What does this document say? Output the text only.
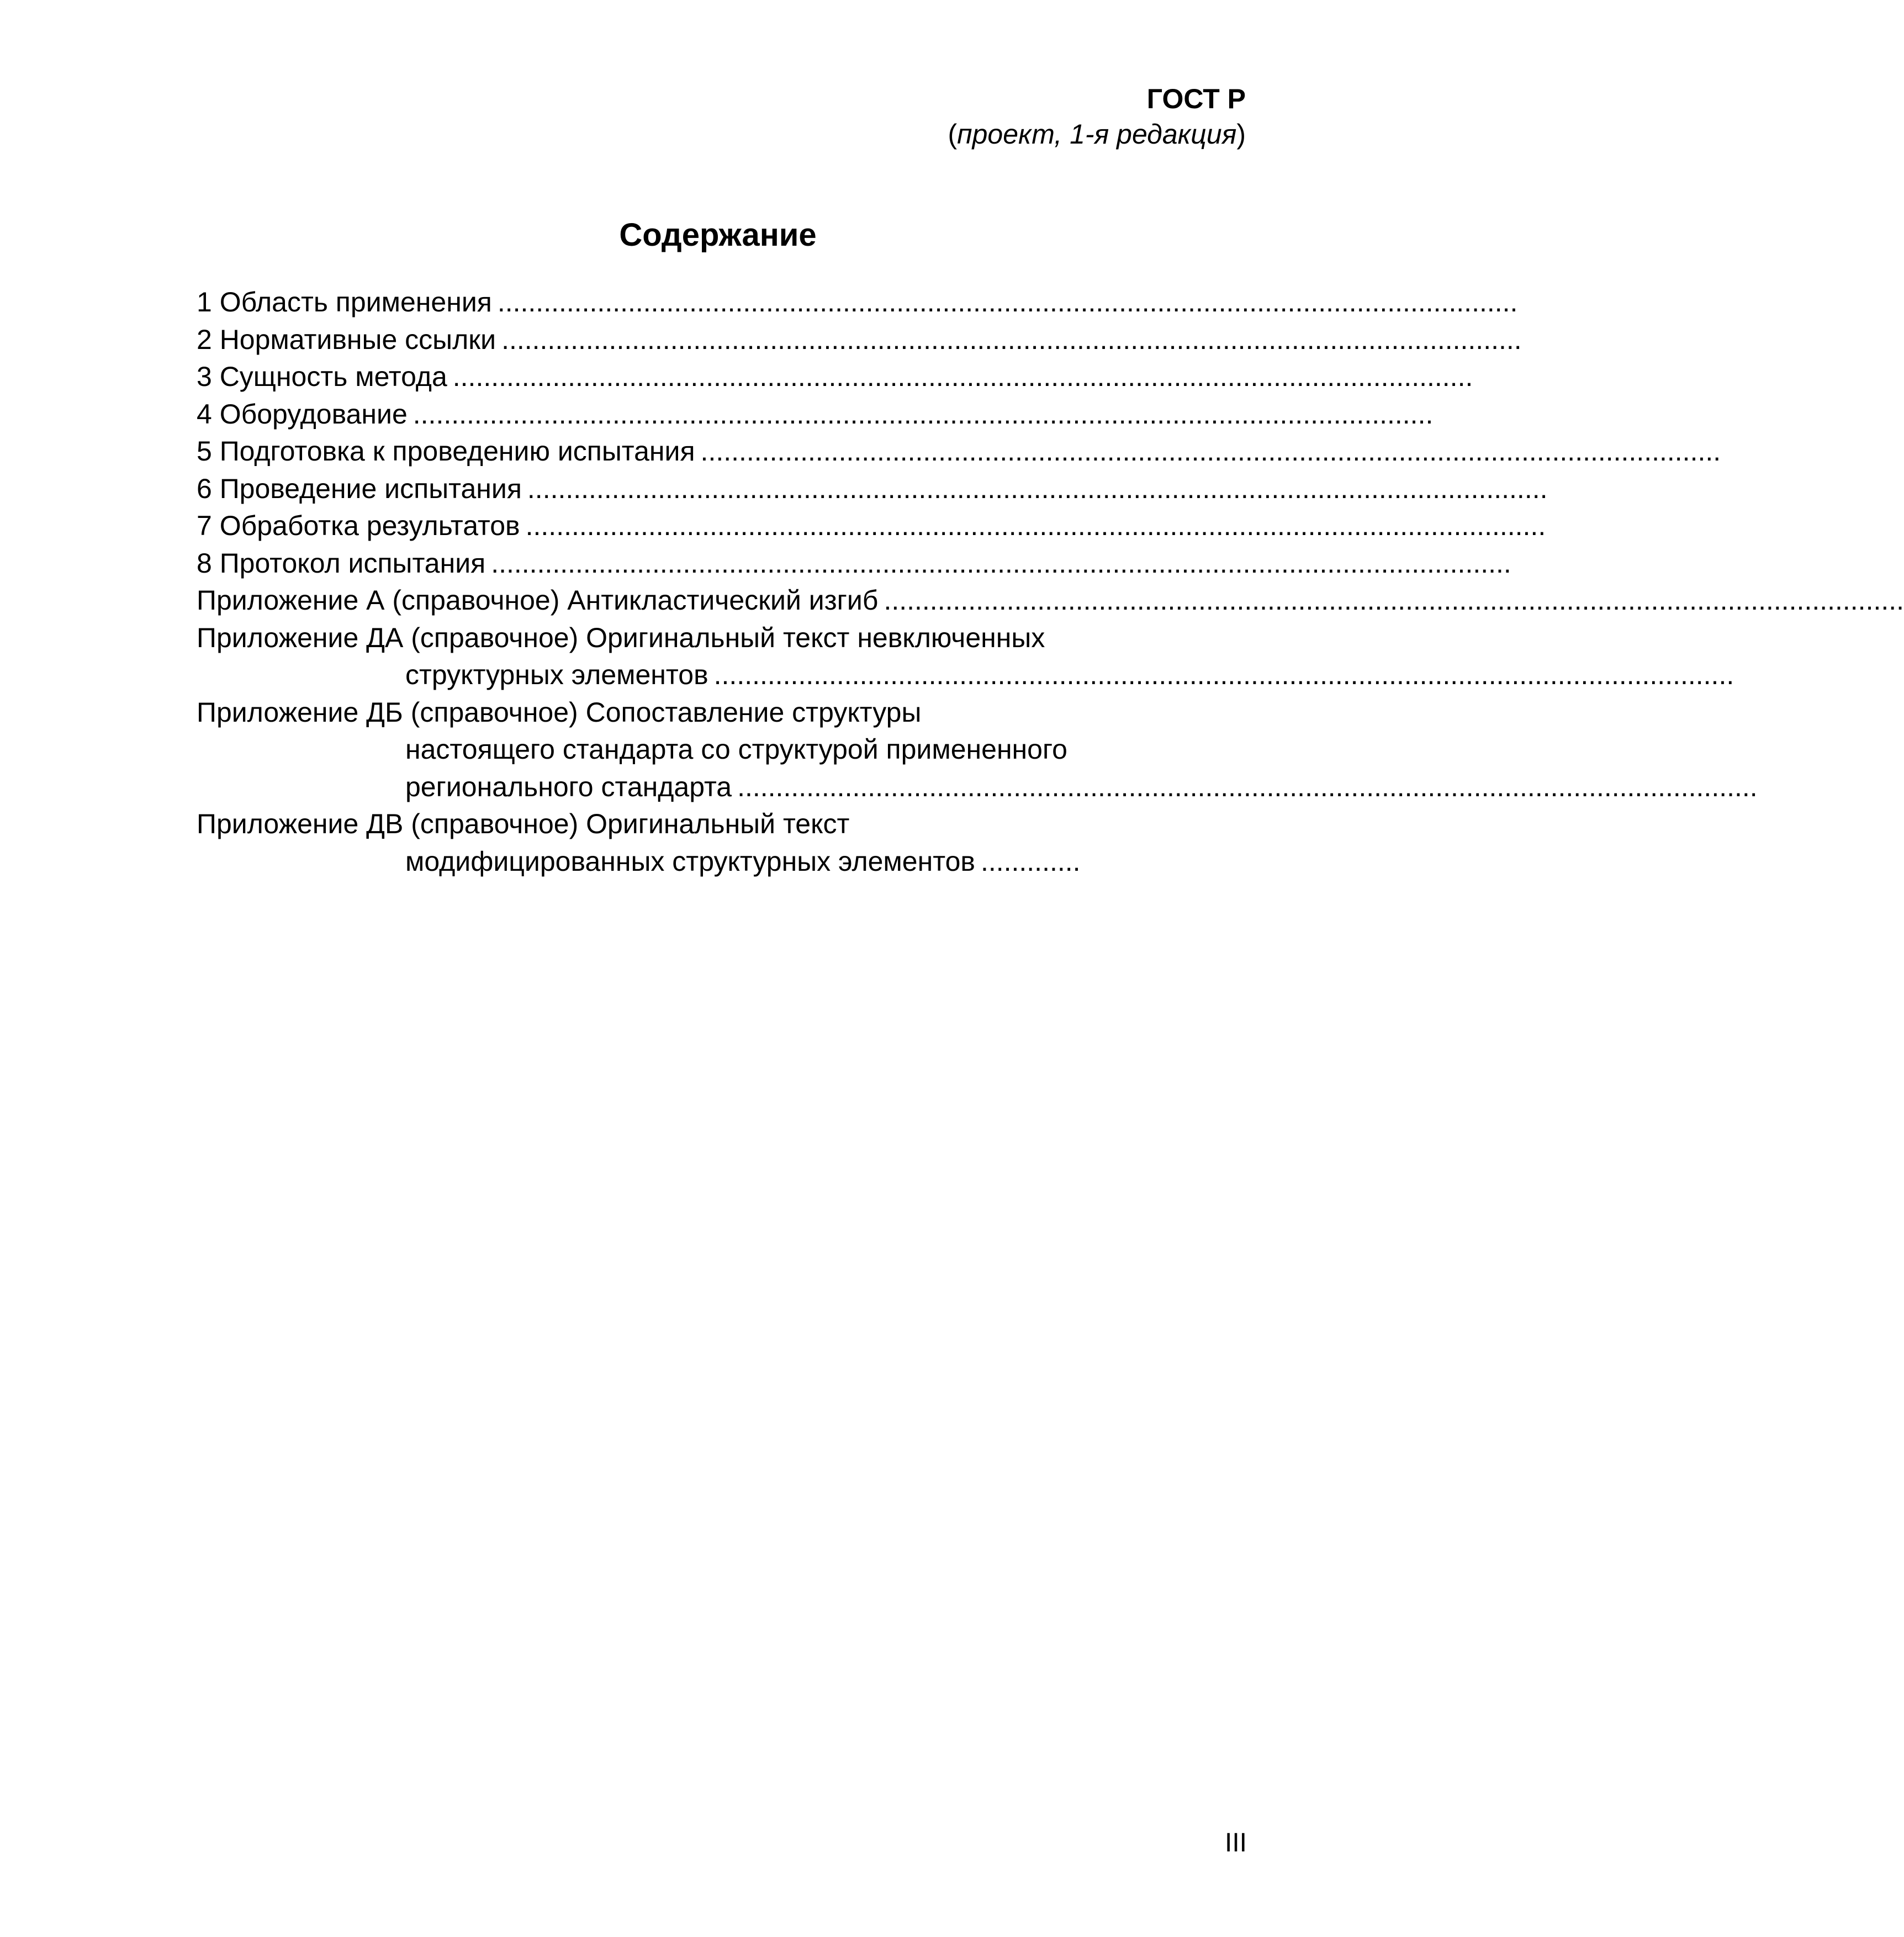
ГОСТ Р
(проект, 1-я редакция)
Содержание
1 Область применения .....................................................................................................................................
2 Нормативные ссылки .....................................................................................................................................
3 Сущность метода .....................................................................................................................................
4 Оборудование .....................................................................................................................................
5 Подготовка к проведению испытания .....................................................................................................................................
6 Проведение испытания .....................................................................................................................................
7 Обработка результатов .....................................................................................................................................
8 Протокол испытания .....................................................................................................................................
Приложение А (справочное) Антикластический изгиб .....................................................................................................................................
Приложение ДА (справочное) Оригинальный текст невключенных
структурных элементов .....................................................................................................................................
Приложение ДБ (справочное) Сопоставление структуры
настоящего стандарта со структурой примененного
регионального стандарта .....................................................................................................................................
Приложение ДВ (справочное) Оригинальный текст
модифицированных структурных элементов .............
III
